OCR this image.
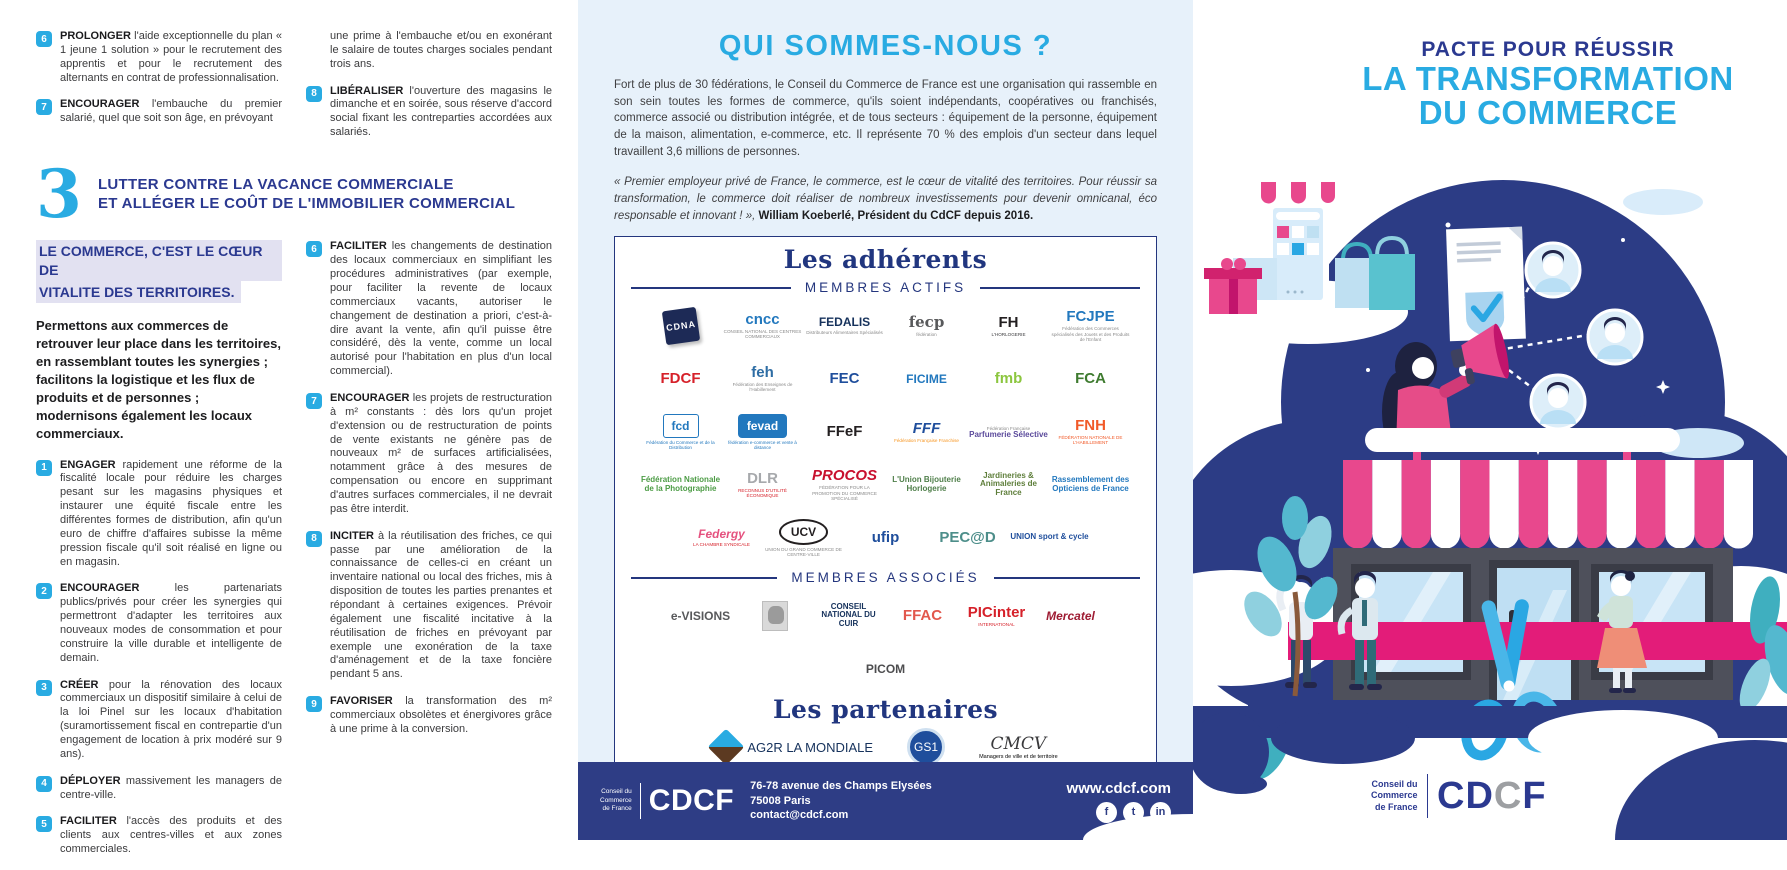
6	PROLONGER l'aide exceptionnelle du plan « 1 jeune 1 solution » pour le recrutement des apprentis et pour le recrutement des alternants en contrat de professionnalisation.

7	ENCOURAGER l'embauche du premier salarié, quel que soit son âge, en prévoyant

une prime à l'embauche et/ou en exonérant le salaire de toutes charges sociales pendant trois ans.

8	LIBÉRALISER l'ouverture des magasins le dimanche et en soirée, sous réserve d'accord social fixant les contreparties accordées aux salariés.

3 LUTTER CONTRE LA VACANCE COMMERCIALE
ET ALLÉGER LE COÛT DE L'IMMOBILIER COMMERCIAL
LE COMMERCE, C'EST LE CŒUR DE
VITALITE DES TERRITOIRES.

Permettons aux commerces de retrouver leur place dans les territoires, en rassemblant toutes les synergies ; facilitons la logistique et les flux de produits et de personnes ; modernisons également les locaux commerciaux.

1	ENGAGER rapidement une réforme de la fiscalité locale pour réduire les charges pesant sur les magasins physiques et instaurer une équité fiscale entre les différentes formes de distribution, afin qu'un euro de chiffre d'affaires subisse la même pression fiscale qu'il soit réalisé en ligne ou en magasin.

2	ENCOURAGER	les partenariats publics/privés pour créer les synergies qui permettront d'adapter les territoires aux nouveaux modes de consommation et pour construire la ville durable et intelligente de demain.

3	CRÉER pour la rénovation des locaux commerciaux un dispositif similaire à celui de la loi Pinel sur les locaux d'habitation (suramortissement fiscal en contrepartie d'un engagement de location à prix modéré sur 9 ans).

4	DÉPLOYER massivement les managers de centre-ville.

5	FACILITER l'accès des produits et des clients aux centres-villes et aux zones commerciales.

6	FACILITER les changements de destination des locaux commerciaux en simplifiant les procédures administratives (par exemple, pour faciliter la revente de locaux commerciaux vacants, autoriser le changement de destination a priori, c'est-à-dire avant la vente, afin qu'il puisse être considéré, dès la vente, comme un local autorisé pour l'habitation en plus d'un local commercial).

7	ENCOURAGER les projets de restructuration à m² constants : dès lors qu'un projet d'extension ou de restructuration de points de vente existants ne génère pas de nouveaux m² de surfaces artificialisées, notamment grâce à des mesures de compensation ou encore en supprimant d'autres surfaces commerciales, il ne devrait pas être interdit.

8	INCITER à la réutilisation des friches, ce qui passe par une amélioration de la connaissance de celles-ci en créant un inventaire national ou local des friches, mis à disposition de toutes les parties prenantes et répondant à certaines exigences. Prévoir également une fiscalité incitative à la réutilisation de friches en prévoyant par exemple une exonération de la taxe d'aménagement et de la taxe foncière pendant 5 ans.

9	FAVORISER la transformation des m² commerciaux obsolètes et énergivores grâce à une prime à la conversion.

QUI SOMMES-NOUS ?

Fort de plus de 30 fédérations, le Conseil du Commerce de France est une organisation qui rassemble en son sein toutes les formes de commerce, qu'ils soient indépendants, coopératives ou franchisés, commerce associé ou distribution intégrée, et de tous secteurs : équipement de la personne, équipement de la maison, alimentation, e-commerce, etc. Il représente 70 % des emplois d'un secteur dans lequel travaillent 3,6 millions de personnes.

« Premier employeur privé de France, le commerce, est le cœur de vitalité des territoires. Pour réussir sa transformation, le commerce doit réaliser de nombreux investissements pour devenir omnicanal, éco responsable et innovant ! », William Koeberlé, Président du CdCF depuis 2016.

Les adhérents
MEMBRES ACTIFS
CDNA	cncc
CONSEIL NATIONAL DES CENTRES COMMERCIAUX
FEDALIS
Distributeurs Alimentaires Spécialisés
fecp
fédération
FH
L'HORLOGERIE
FCJPE
Fédération des Commerces spécialisés des Jouets et des Produits de l'Enfant
FDCF	feh
Fédération des Enseignes de l'Habillement
FEC	FICIME	fmb	FCA
fcd
Fédération du Commerce et de la Distribution
fevad
fédération e-commerce et vente à distance
FFeF	FFF
Fédération Française Franchise
Fédération Française
Parfumerie Sélective
FNH
FÉDÉRATION NATIONALE DE L'HABILLEMENT
Fédération Nationale de la Photographie
DLR
RECONNUS D'UTILITÉ ÉCONOMIQUE
PROCOS
FÉDÉRATION POUR LA PROMOTION DU COMMERCE SPÉCIALISÉ
L'Union Bijouterie Horlogerie
Jardineries & Animaleries de France
Rassemblement des Opticiens de France
Federgy
LA CHAMBRE SYNDICALE
UCV
UNION DU GRAND COMMERCE DE CENTRE-VILLE
ufip	PEC@D UNION sport & cycle
MEMBRES ASSOCIÉS
e-VISIONS
CONSEIL NATIONAL DU CUIR	FFAC PICinter
INTERNATIONAL
Mercatel
PICOM
Les partenaires
AG2R LA MONDIALE	GS1	CMCV
Managers de ville et de territoire
Conseil du
Commerce
de France CDCF 76-78 avenue des Champs Elysées
75008 Paris
contact@cdcf.com
www.cdcf.com
f	t	in
PACTE POUR RÉUSSIR
LA TRANSFORMATION
DU COMMERCE
Conseil du
Commerce
de France CDCF
